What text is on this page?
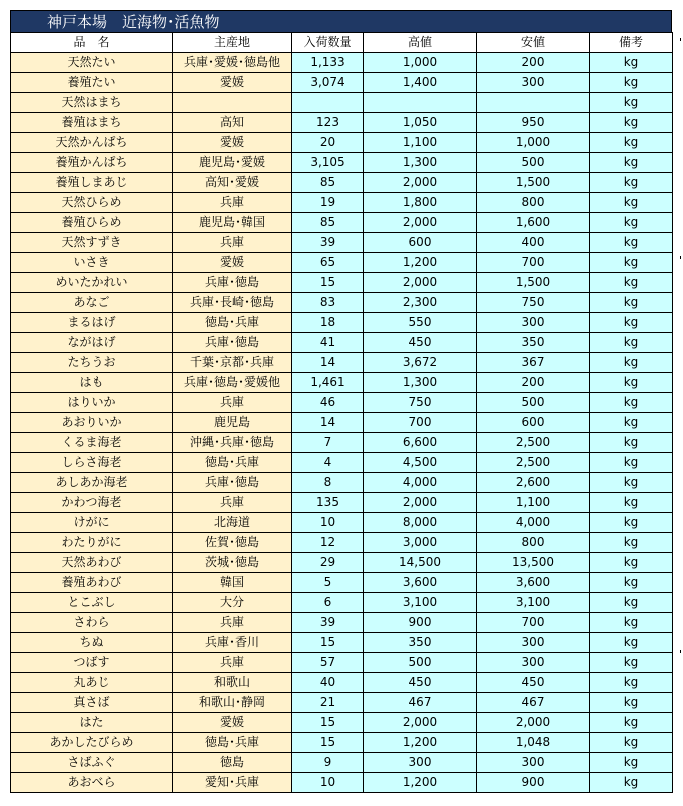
神戸本場　近海物･活魚物
品　名	主産地	入荷数量	高値	安値	備考
天然たい	兵庫･愛媛･徳島他	1,133	1,000	200	kg
養殖たい	愛媛	3,074	1,400	300	kg
天然はまち					kg
養殖はまち	高知	123	1,050	950	kg
天然かんぱち	愛媛	20	1,100	1,000	kg
養殖かんぱち	鹿児島･愛媛	3,105	1,300	500	kg
養殖しまあじ	高知･愛媛	85	2,000	1,500	kg
天然ひらめ	兵庫	19	1,800	800	kg
養殖ひらめ	鹿児島･韓国	85	2,000	1,600	kg
天然すずき	兵庫	39	600	400	kg
いさき	愛媛	65	1,200	700	kg
めいたかれい	兵庫･徳島	15	2,000	1,500	kg
あなご	兵庫･長崎･徳島	83	2,300	750	kg
まるはげ	徳島･兵庫	18	550	300	kg
ながはげ	兵庫･徳島	41	450	350	kg
たちうお	千葉･京都･兵庫	14	3,672	367	kg
はも	兵庫･徳島･愛媛他	1,461	1,300	200	kg
はりいか	兵庫	46	750	500	kg
あおりいか	鹿児島	14	700	600	kg
くるま海老	沖縄･兵庫･徳島	7	6,600	2,500	kg
しらさ海老	徳島･兵庫	4	4,500	2,500	kg
あしあか海老	兵庫･徳島	8	4,000	2,600	kg
かわつ海老	兵庫	135	2,000	1,100	kg
けがに	北海道	10	8,000	4,000	kg
わたりがに	佐賀･徳島	12	3,000	800	kg
天然あわび	茨城･徳島	29	14,500	13,500	kg
養殖あわび	韓国	5	3,600	3,600	kg
とこぶし	大分	6	3,100	3,100	kg
さわら	兵庫	39	900	700	kg
ちぬ	兵庫･香川	15	350	300	kg
つばす	兵庫	57	500	300	kg
丸あじ	和歌山	40	450	450	kg
真さば	和歌山･静岡	21	467	467	kg
はた	愛媛	15	2,000	2,000	kg
あかしたびらめ	徳島･兵庫	15	1,200	1,048	kg
さばふぐ	徳島	9	300	300	kg
あおべら	愛知･兵庫	10	1,200	900	kg
